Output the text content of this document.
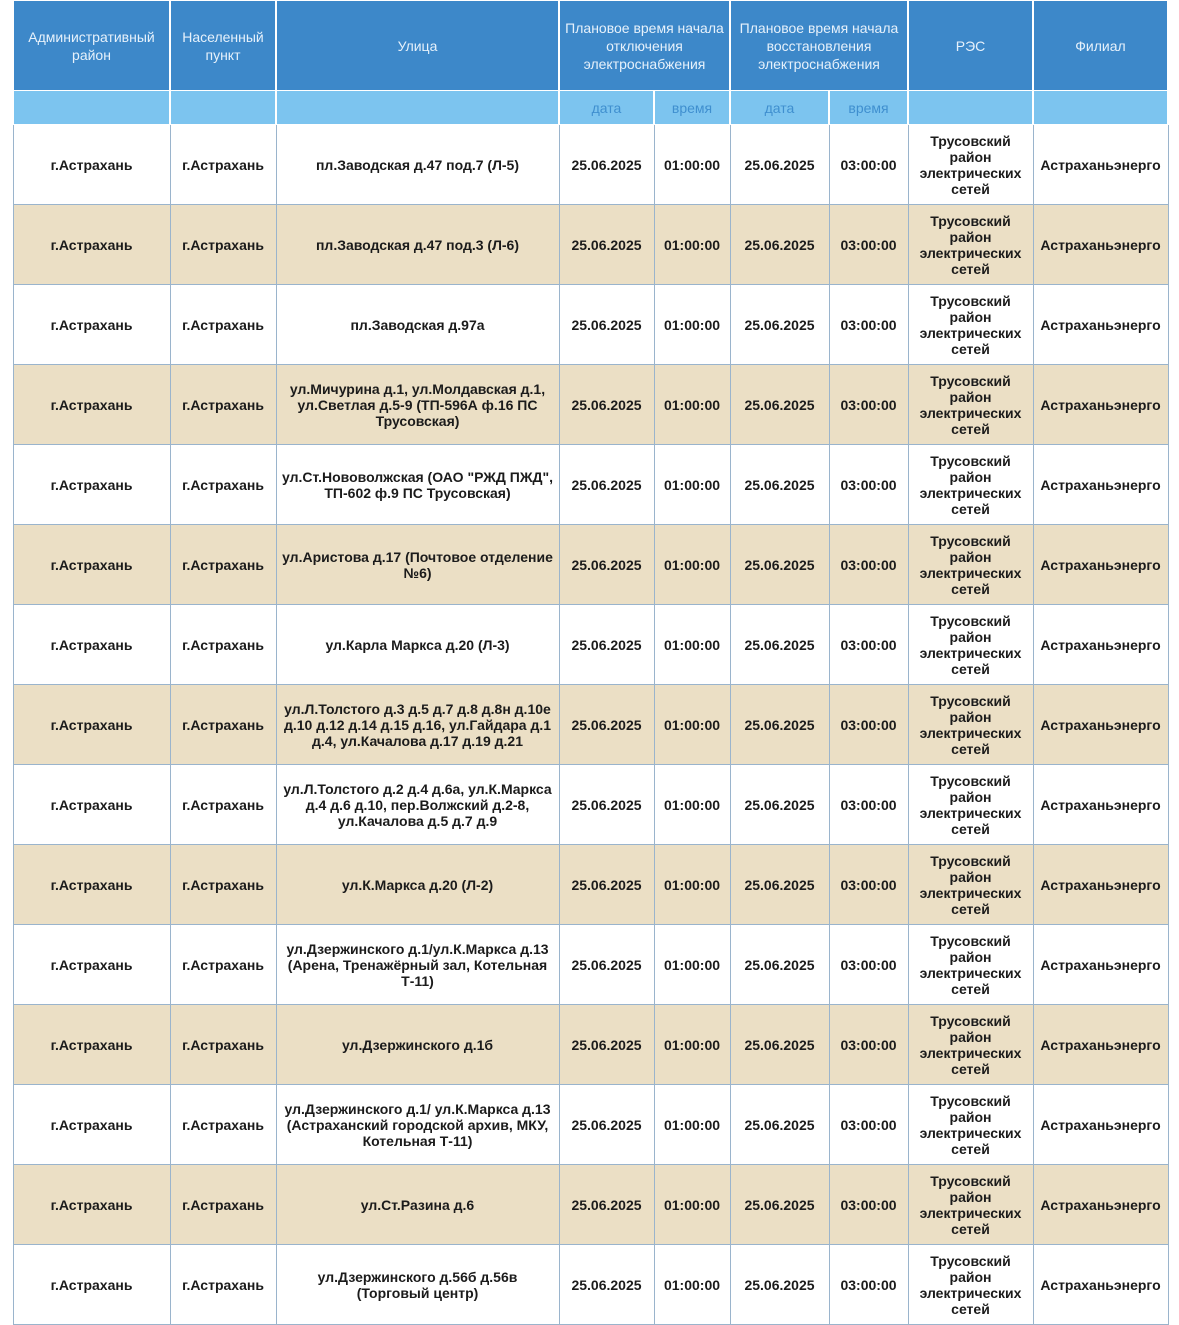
Административный район	Населенный пункт	Улица	Плановое время начала отключения электроснабжения		Плановое время начала восстановления электроснабжения		РЭС	Филиал
			дата	время	дата	время		
г.Астрахань	г.Астрахань	пл.Заводская д.47 под.7 (Л-5)	25.06.2025	01:00:00	25.06.2025	03:00:00	Трусовский район электрических сетей	Астраханьэнерго
г.Астрахань	г.Астрахань	пл.Заводская д.47 под.3 (Л-6)	25.06.2025	01:00:00	25.06.2025	03:00:00	Трусовский район электрических сетей	Астраханьэнерго
г.Астрахань	г.Астрахань	пл.Заводская д.97а	25.06.2025	01:00:00	25.06.2025	03:00:00	Трусовский район электрических сетей	Астраханьэнерго
г.Астрахань	г.Астрахань	ул.Мичурина д.1, ул.Молдавская д.1, ул.Светлая д.5-9 (ТП-596А ф.16 ПС Трусовская)	25.06.2025	01:00:00	25.06.2025	03:00:00	Трусовский район электрических сетей	Астраханьэнерго
г.Астрахань	г.Астрахань	ул.Ст.Нововолжская (ОАО "РЖД ПЖД", ТП-602 ф.9 ПС Трусовская)	25.06.2025	01:00:00	25.06.2025	03:00:00	Трусовский район электрических сетей	Астраханьэнерго
г.Астрахань	г.Астрахань	ул.Аристова д.17 (Почтовое отделение №6)	25.06.2025	01:00:00	25.06.2025	03:00:00	Трусовский район электрических сетей	Астраханьэнерго
г.Астрахань	г.Астрахань	ул.Карла Маркса д.20 (Л-3)	25.06.2025	01:00:00	25.06.2025	03:00:00	Трусовский район электрических сетей	Астраханьэнерго
г.Астрахань	г.Астрахань	ул.Л.Толстого д.3 д.5 д.7 д.8 д.8н д.10е д.10 д.12 д.14 д.15 д.16, ул.Гайдара д.1 д.4, ул.Качалова д.17 д.19 д.21	25.06.2025	01:00:00	25.06.2025	03:00:00	Трусовский район электрических сетей	Астраханьэнерго
г.Астрахань	г.Астрахань	ул.Л.Толстого д.2 д.4 д.6а, ул.К.Маркса д.4 д.6 д.10, пер.Волжский д.2-8, ул.Качалова д.5 д.7 д.9	25.06.2025	01:00:00	25.06.2025	03:00:00	Трусовский район электрических сетей	Астраханьэнерго
г.Астрахань	г.Астрахань	ул.К.Маркса д.20 (Л-2)	25.06.2025	01:00:00	25.06.2025	03:00:00	Трусовский район электрических сетей	Астраханьэнерго
г.Астрахань	г.Астрахань	ул.Дзержинского д.1/ул.К.Маркса д.13 (Арена, Тренажёрный зал, Котельная Т-11)	25.06.2025	01:00:00	25.06.2025	03:00:00	Трусовский район электрических сетей	Астраханьэнерго
г.Астрахань	г.Астрахань	ул.Дзержинского д.1б	25.06.2025	01:00:00	25.06.2025	03:00:00	Трусовский район электрических сетей	Астраханьэнерго
г.Астрахань	г.Астрахань	ул.Дзержинского д.1/ ул.К.Маркса д.13 (Астраханский городской архив, МКУ, Котельная Т-11)	25.06.2025	01:00:00	25.06.2025	03:00:00	Трусовский район электрических сетей	Астраханьэнерго
г.Астрахань	г.Астрахань	ул.Ст.Разина д.6	25.06.2025	01:00:00	25.06.2025	03:00:00	Трусовский район электрических сетей	Астраханьэнерго
г.Астрахань	г.Астрахань	ул.Дзержинского д.56б д.56в (Торговый центр)	25.06.2025	01:00:00	25.06.2025	03:00:00	Трусовский район электрических сетей	Астраханьэнерго
